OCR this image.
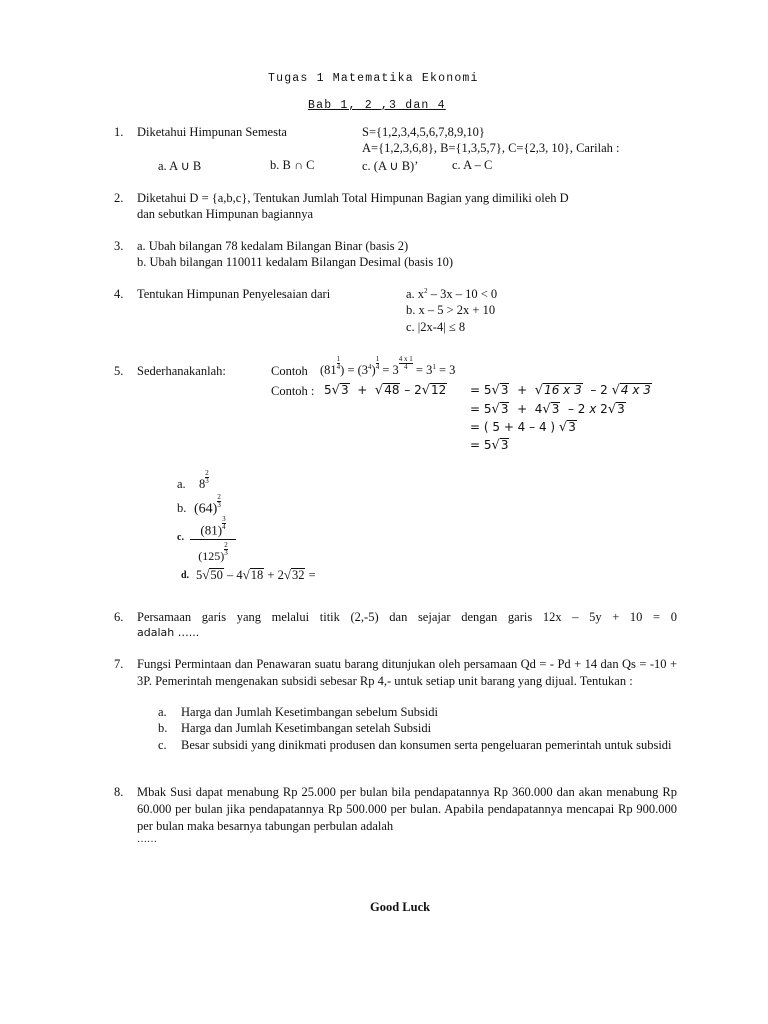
Tugas 1 Matematika Ekonomi
Bab 1, 2 ,3 dan 4
1. Diketahui Himpunan Semesta	S={1,2,3,4,5,6,7,8,9,10}
A={1,2,3,6,8}, B={1,3,5,7}, C={2,3, 10}, Carilah :
a. A ∪ B	b. B ∩ C	c. (A ∪ B)’	c. A – C
2. Diketahui D = {a,b,c}, Tentukan Jumlah Total Himpunan Bagian yang dimiliki oleh D
dan sebutkan Himpunan bagiannya
3. a. Ubah bilangan 78 kedalam Bilangan Binar (basis 2)
b. Ubah bilangan 110011 kedalam Bilangan Desimal (basis 10)
4. Tentukan Himpunan Penyelesaian dari	a. $x^2 - 3x - 10 < 0$
b. x – 5 > 2x + 10
c. |2x-4| ≤ 8
5. Sederhanakanlah:	Contoh ($81 \frac{1}{4}$ ) = $(3^4) \frac{1}{4} = 3 \frac{4 x 1}{4} = 3^1 = 3$
Contoh : 5√3  +  √48 – 2√12 = 5√3  +  √16 x 3  – 2 √4 x 3
= 5√3  +  4√3  – 2 x 2√3
= ( 5 + 4 – 4 ) √3
= 5√3
a. $8 \frac{2}{3}$
b. (64)
$\frac{2}{3}$
c.
$(81) \frac{3}{4}$
$(125) \frac{2}{3}$
d. 5√50 – 4√18 + 2√32 =
6. Persamaan garis yang melalui titik (2,-5) dan sejajar dengan garis 12x – 5y + 10 = 0
adalah …...
7. Fungsi Permintaan dan Penawaran suatu barang ditunjukan oleh persamaan Qd = - Pd + 14 dan Qs = -10 + 3P. Pemerintah mengenakan subsidi sebesar Rp 4,- untuk setiap unit barang yang dijual. Tentukan :
a. Harga dan Jumlah Kesetimbangan sebelum Subsidi
b. Harga dan Jumlah Kesetimbangan setelah Subsidi
c. Besar subsidi yang dinikmati produsen dan konsumen serta pengeluaran pemerintah untuk subsidi
8. Mbak Susi dapat menabung Rp 25.000 per bulan bila pendapatannya Rp 360.000 dan akan menabung Rp 60.000 per bulan jika pendapatannya Rp 500.000 per bulan. Apabila pendapatannya mencapai Rp 900.000 per bulan maka besarnya tabungan perbulan adalah
……
Good Luck
